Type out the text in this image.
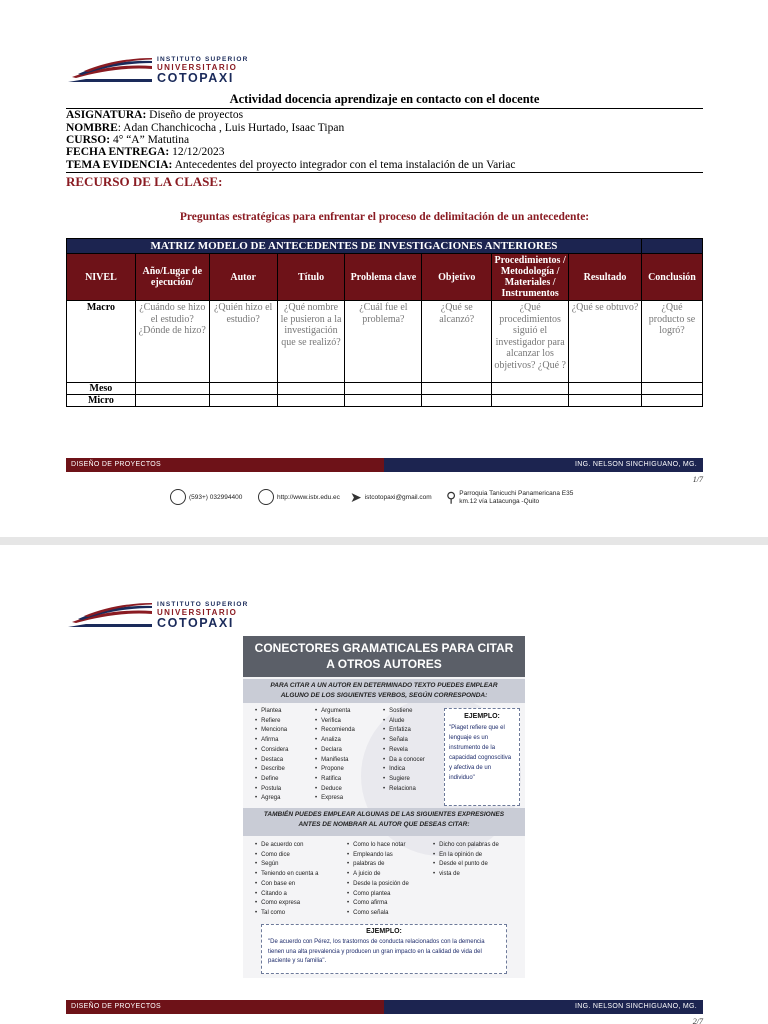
INSTITUTO SUPERIOR
UNIVERSITARIO
COTOPAXI
Actividad docencia aprendizaje en contacto con el docente
ASIGNATURA: Diseño de proyectos
NOMBRE: Adan Chanchicocha , Luis Hurtado, Isaac Tipan
CURSO: 4° “A” Matutina
FECHA ENTREGA: 12/12/2023
TEMA EVIDENCIA: Antecedentes del proyecto integrador con el tema instalación de un Variac
RECURSO DE LA CLASE:
Preguntas estratégicas para enfrentar el proceso de delimitación de un antecedente:
MATRIZ MODELO DE ANTECEDENTES DE INVESTIGACIONES ANTERIORES								
NIVEL	Año/Lugar de ejecución/	Autor	Título	Problema clave	Objetivo	Procedimientos / Metodología / Materiales / Instrumentos	Resultado	Conclusión
Macro	¿Cuándo se hizo el estudio? ¿Dónde de hizo?	¿Quién hizo el estudio?	¿Qué nombre le pusieron a la investigación que se realizó?	¿Cuál fue el problema?	¿Qué se alcanzó?	¿Qué procedimientos siguió el investigador para alcanzar los objetivos? ¿Qué ?	¿Qué se obtuvo?	¿Qué producto se logró?
Meso								
Micro								
DISEÑO DE PROYECTOS	ING. NELSON SINCHIGUANO, MG.
1/7
(593+) 032994400	http://www.istx.edu.ec ➤ istcotopaxi@gmail.com ⚲ Parroquia Tanicuchi Panamericana E35
km.12 vía Latacunga -Quito
INSTITUTO SUPERIOR
UNIVERSITARIO
COTOPAXI
DISEÑO DE PROYECTOS	ING. NELSON SINCHIGUANO, MG.
2/7
CONECTORES GRAMATICALES PARA CITAR
A OTROS AUTORES
PARA CITAR A UN AUTOR EN DETERMINADO TEXTO PUEDES EMPLEAR
ALGUNO DE LOS SIGUIENTES VERBOS, SEGÚN CORRESPONDA:
• Plantea
• Refiere
• Menciona
• Afirma
• Considera
• Destaca
• Describe
• Define
• Postula
• Agrega
• Argumenta
• Verifica
• Recomienda
• Analiza
• Declara
• Manifiesta
• Propone
• Ratifica
• Deduce
• Expresa
• Sostiene
• Alude
• Enfatiza
• Señala
• Revela
• Da a conocer
• Indica
• Sugiere
• Relaciona
EJEMPLO:
"Piaget refiere que el lenguaje es un instrumento de la capacidad cognoscitiva y afectiva de un individuo"
TAMBIÉN PUEDES EMPLEAR ALGUNAS DE LAS SIGUIENTES EXPRESIONES
ANTES DE NOMBRAR AL AUTOR QUE DESEAS CITAR:
• De acuerdo con
• Como dice
• Según
• Teniendo en cuenta a
• Con base en
• Citando a
• Como expresa
• Tal como
• Como lo hace notar
• Empleando las
• palabras de
• A juicio de
• Desde la posición de
• Como plantea
• Como afirma
• Como señala
• Dicho con palabras de
• En la opinión de
• Desde el punto de
• vista de
EJEMPLO:
"De acuerdo con Pérez, los trastornos de conducta relacionados con la demencia tienen una alta prevalencia y producen un gran impacto en la calidad de vida del paciente y su familia".
